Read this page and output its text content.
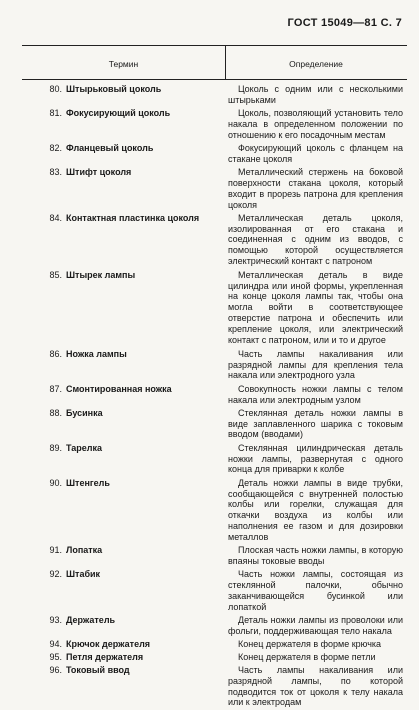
ГОСТ 15049—81 С. 7
Термин	Определение
80. Штырьковый цоколь	Цоколь с одним или с несколькими штырьками
81. Фокусирующий цоколь	Цоколь, позволяющий установить тело накала в определенном положении по отношению к его посадочным местам
82. Фланцевый цоколь	Фокусирующий цоколь с фланцем на стакане цоколя
83. Штифт цоколя	Металлический стержень на боковой поверхности стакана цоколя, который входит в прорезь патрона для крепления цоколя
84. Контактная пластинка цоколя	Металлическая деталь цоколя, изолированная от его стакана и соединенная с одним из вводов, с помощью которой осуществляется электрический контакт с патроном
85. Штырек лампы	Металлическая деталь в виде цилиндра или иной формы, укрепленная на конце цоколя лампы так, чтобы она могла войти в соответствующее отверстие патрона и обеспечить или крепление цоколя, или электрический контакт с патроном, или и то и другое
86. Ножка лампы	Часть лампы накаливания или разрядной лампы для крепления тела накала или электродного узла
87. Смонтированная ножка	Совокупность ножки лампы с телом накала или электродным узлом
88. Бусинка	Стеклянная деталь ножки лампы в виде заплавленного шарика с токовым вводом (вводами)
89. Тарелка	Стеклянная цилиндрическая деталь ножки лампы, развернутая с одного конца для приварки к колбе
90. Штенгель	Деталь ножки лампы в виде трубки, сообщающейся с внутренней полостью колбы или горелки, служащая для откачки воздуха из колбы или наполнения ее газом и для дозировки металлов
91. Лопатка	Плоская часть ножки лампы, в которую впаяны токовые вводы
92. Штабик	Часть ножки лампы, состоящая из стеклянной палочки, обычно заканчивающейся бусинкой или лопаткой
93. Держатель	Деталь ножки лампы из проволоки или фольги, поддерживающая тело накала
94. Крючок держателя	Конец держателя в форме крючка
95. Петля держателя	Конец держателя в форме петли
96. Токовый ввод	Часть лампы накаливания или разрядной лампы, по которой подводится ток от цоколя к телу накала или к электродам
